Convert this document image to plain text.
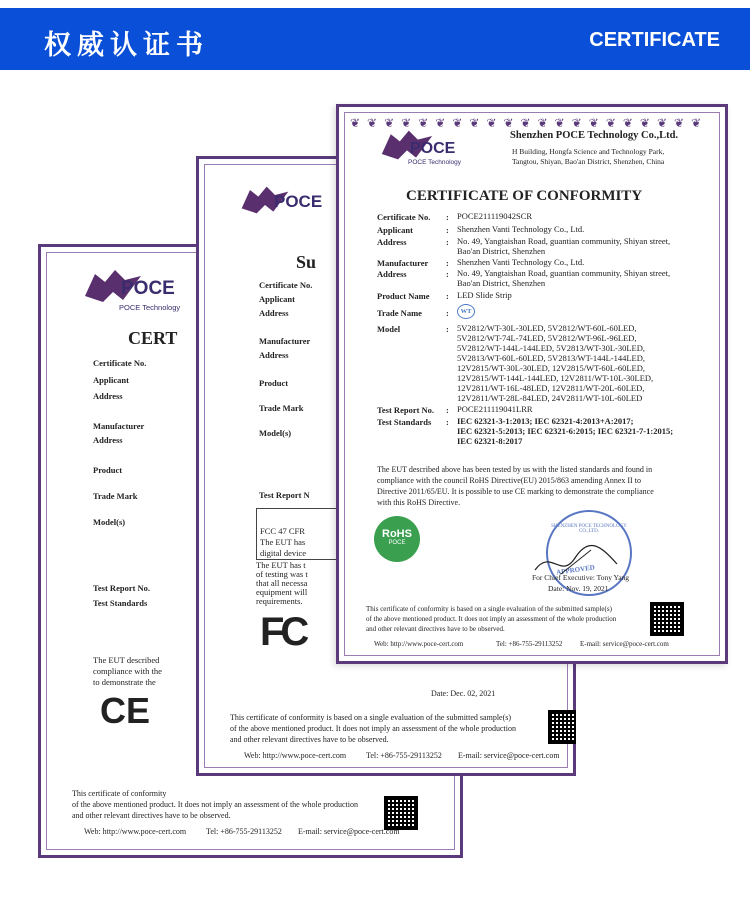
权威认证书	CERTIFICATE
POCE
POCE Technology
CERT
Certificate No.
Applicant
Address
Manufacturer
Address
Product
Trade Mark
Model(s)
Test Report No.
Test Standards
The EUT described
compliance with the
to demonstrate the
CE
This certificate of conformity
of the above mentioned product. It does not imply an assessment of the whole production
and other relevant directives have to be observed.
Web: http://www.poce-cert.com Tel: +86-755-29113252 E-mail: service@poce-cert.com
POCE
Su
Certificate No.
Applicant
Address
Manufacturer
Address
Product
Trade Mark
Model(s)
Test Report N
FCC 47 CFR
The EUT has
digital device
The EUT has t
of testing was t
that all necessa
equipment will
requirements.
FC
Date: Dec. 02, 2021
This certificate of conformity is based on a single evaluation of the submitted sample(s)
of the above mentioned product. It does not imply an assessment of the whole production
and other relevant directives have to be observed.
Web: http://www.poce-cert.com Tel: +86-755-29113252 E-mail: service@poce-cert.com
❦ ❦ ❦ ❦ ❦ ❦ ❦ ❦ ❦ ❦ ❦ ❦ ❦ ❦ ❦ ❦ ❦ ❦ ❦ ❦ ❦
POCE
POCE Technology
Shenzhen POCE Technology Co.,Ltd.
H Building, Hongfa Science and Technology Park,
Tangtou, Shiyan, Bao'an District, Shenzhen, China
CERTIFICATE OF CONFORMITY
Certificate No. : POCE211119042SCR
Applicant	: Shenzhen Vanti Technology Co., Ltd.
Address	: No. 49, Yangtaishan Road, guantian community, Shiyan street,
Bao'an District, Shenzhen
Manufacturer : Shenzhen Vanti Technology Co., Ltd.
Address	: No. 49, Yangtaishan Road, guantian community, Shiyan street,
Bao'an District, Shenzhen
Product Name : LED Slide Strip
Trade Name	:	WT
Model	: 5V2812/WT-30L-30LED, 5V2812/WT-60L-60LED,
5V2812/WT-74L-74LED, 5V2812/WT-96L-96LED,
5V2812/WT-144L-144LED, 5V2813/WT-30L-30LED,
5V2813/WT-60L-60LED, 5V2813/WT-144L-144LED,
12V2815/WT-30L-30LED, 12V2815/WT-60L-60LED,
12V2815/WT-144L-144LED, 12V2811/WT-10L-30LED,
12V2811/WT-16L-48LED, 12V2811/WT-20L-60LED,
12V2811/WT-28L-84LED, 24V2811/WT-10L-60LED
Test Report No. : POCE211119041LRR
Test Standards : IEC 62321-3-1:2013; IEC 62321-4:2013+A:2017;
IEC 62321-5:2013; IEC 62321-6:2015; IEC 62321-7-1:2015;
IEC 62321-8:2017
The EUT described above has been tested by us with the listed standards and found in
compliance with the council RoHS Directive(EU) 2015/863 amending Annex II to
Directive 2011/65/EU. It is possible to use CE marking to demonstrate the compliance
with this RoHS Directive.
RoHS
POCE
SHENZHEN POCE TECHNOLOGY CO.,LTD.
APPROVED
For Chief Executive: Tony Yang
Date: Nov. 19, 2021
This certificate of conformity is based on a single evaluation of the submitted sample(s)
of the above mentioned product. It does not imply an assessment of the whole production
and other relevant directives have to be observed.
Web: http://www.poce-cert.com	Tel: +86-755-29113252	E-mail: service@poce-cert.com
